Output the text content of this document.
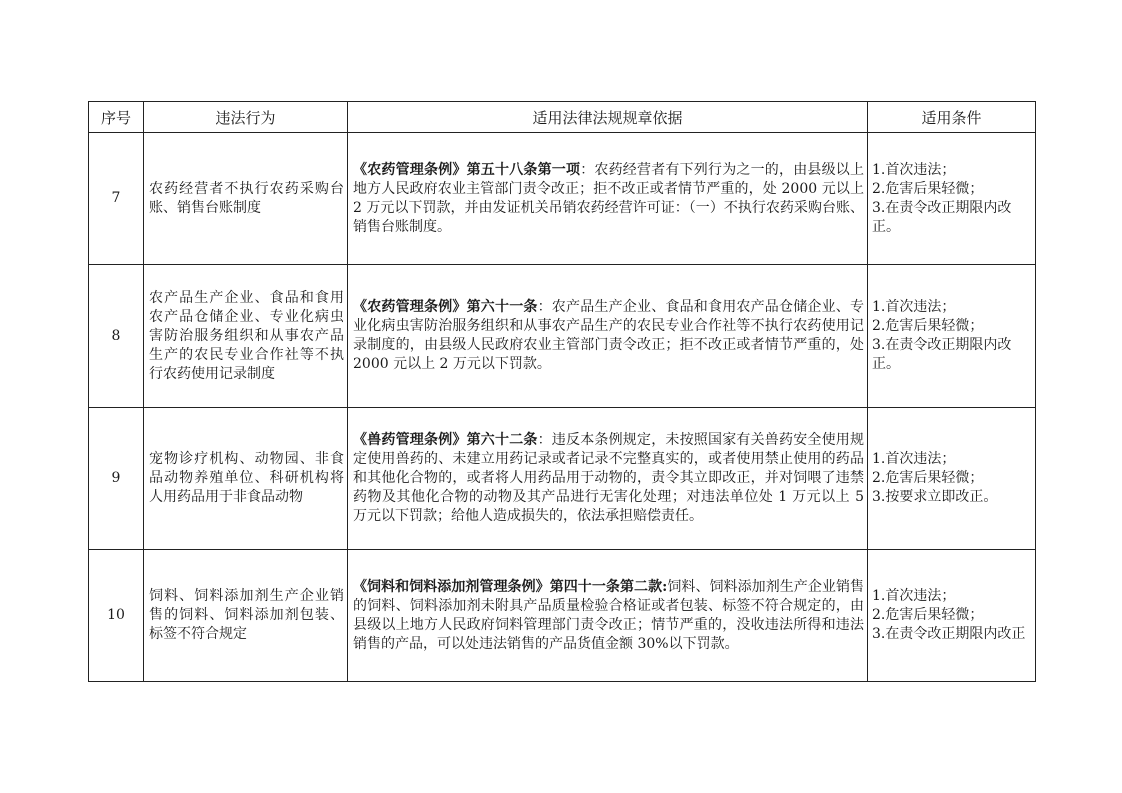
序号	违法行为	适用法律法规规章依据	适用条件
7	农药经营者不执行农药采购台账、销售台账制度	《农药管理条例》第五十八条第一项：农药经营者有下列行为之一的，由县级以上地方人民政府农业主管部门责令改正；拒不改正或者情节严重的，处 2000 元以上 2 万元以下罚款，并由发证机关吊销农药经营许可证：（一）不执行农药采购台账、销售台账制度。	1.首次违法；
2.危害后果轻微；
3.在责令改正期限内改正。

8	农产品生产企业、食品和食用农产品仓储企业、专业化病虫害防治服务组织和从事农产品生产的农民专业合作社等不执行农药使用记录制度	《农药管理条例》第六十一条：农产品生产企业、食品和食用农产品仓储企业、专业化病虫害防治服务组织和从事农产品生产的农民专业合作社等不执行农药使用记录制度的，由县级人民政府农业主管部门责令改正；拒不改正或者情节严重的，处 2000 元以上 2 万元以下罚款。	1.首次违法；
2.危害后果轻微；
3.在责令改正期限内改正。

9	宠物诊疗机构、动物园、非食品动物养殖单位、科研机构将人用药品用于非食品动物	《兽药管理条例》第六十二条：违反本条例规定，未按照国家有关兽药安全使用规定使用兽药的、未建立用药记录或者记录不完整真实的，或者使用禁止使用的药品和其他化合物的，或者将人用药品用于动物的，责令其立即改正，并对饲喂了违禁药物及其他化合物的动物及其产品进行无害化处理；对违法单位处 1 万元以上 5 万元以下罚款；给他人造成损失的，依法承担赔偿责任。	1.首次违法；
2.危害后果轻微；
3.按要求立即改正。

10	饲料、饲料添加剂生产企业销售的饲料、饲料添加剂包装、标签不符合规定	《饲料和饲料添加剂管理条例》第四十一条第二款:饲料、饲料添加剂生产企业销售的饲料、饲料添加剂未附具产品质量检验合格证或者包装、标签不符合规定的，由县级以上地方人民政府饲料管理部门责令改正；情节严重的，没收违法所得和违法销售的产品，可以处违法销售的产品货值金额 30%以下罚款。	1.首次违法；
2.危害后果轻微；
3.在责令改正期限内改正
